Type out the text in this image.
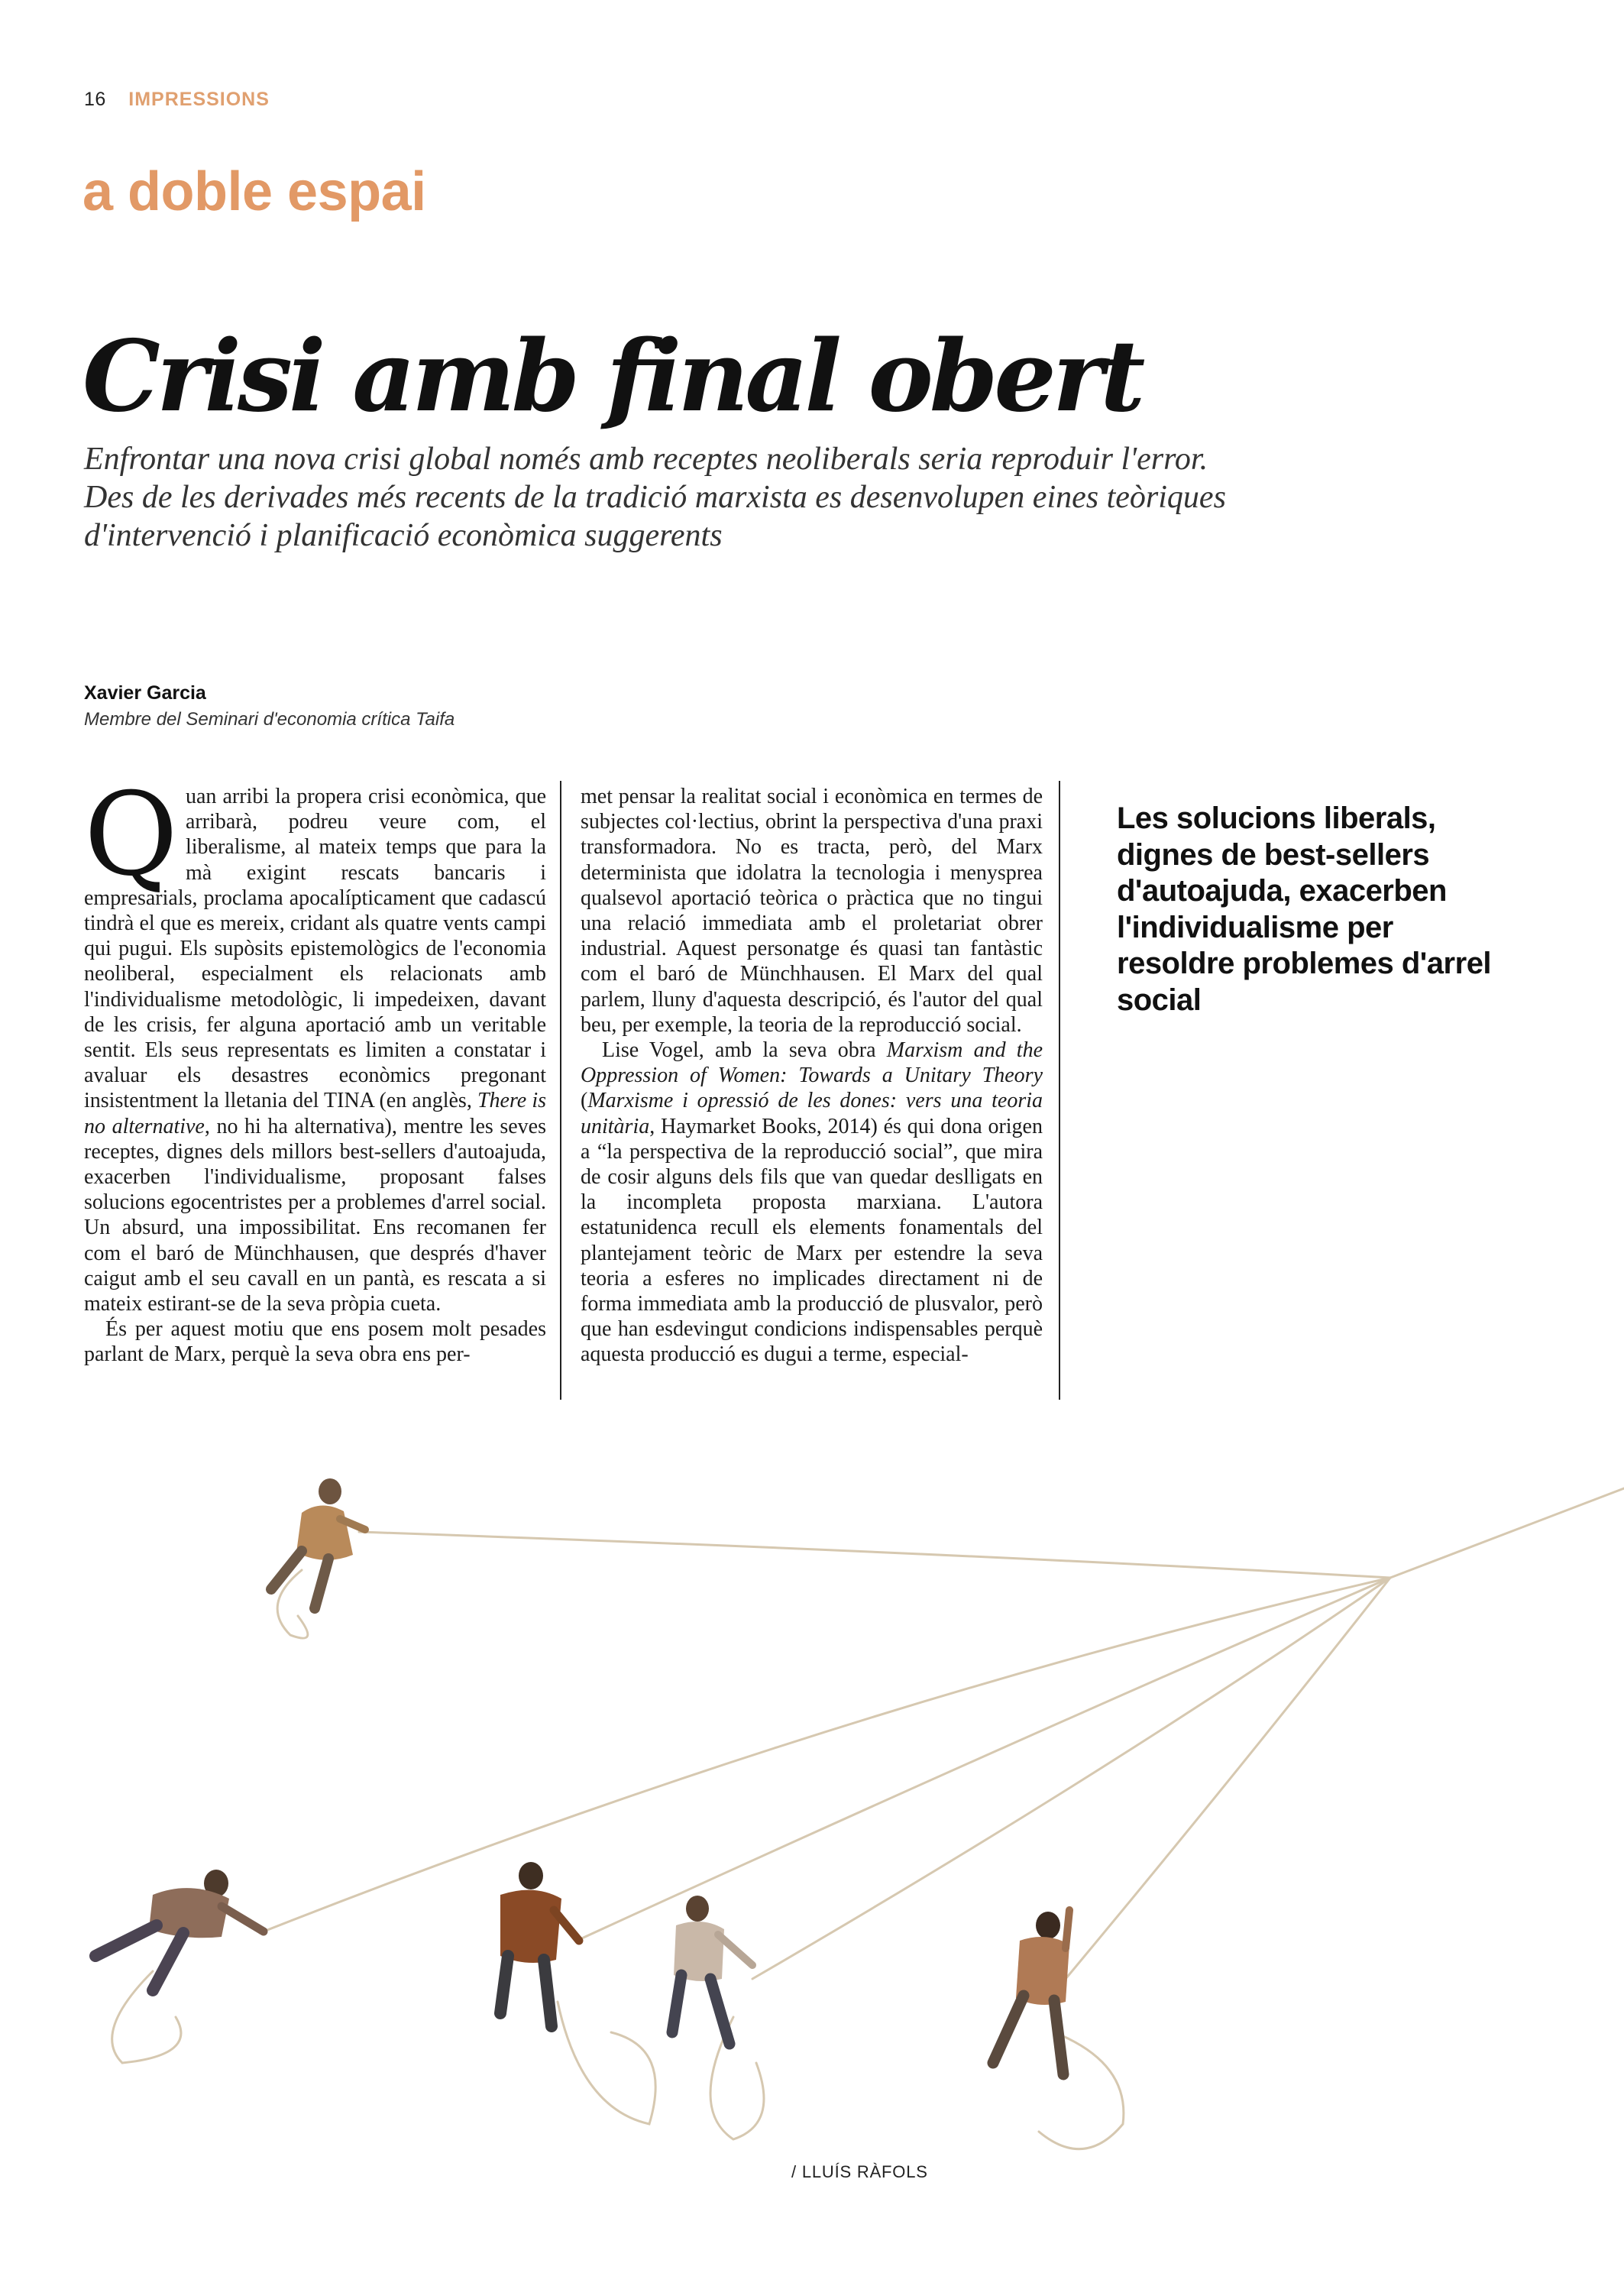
16 IMPRESSIONS
a doble espai
Crisi amb final obert
Enfrontar una nova crisi global només amb receptes neoliberals seria reproduir l'error. Des de les derivades més recents de la tradició marxista es desenvolupen eines teòriques d'intervenció i planificació econòmica suggerents
Xavier Garcia
Membre del Seminari d'economia crítica Taifa

Quan arribi la propera crisi econòmica, que arribarà, podreu veure com, el liberalisme, al mateix temps que para la mà exigint rescats bancaris i empresarials, proclama apocalípticament que cadascú tindrà el que es mereix, cridant als quatre vents campi qui pugui. Els supòsits epistemològics de l'economia neoliberal, especialment els relacionats amb l'individualisme metodològic, li impedeixen, davant de les crisis, fer alguna aportació amb un veritable sentit. Els seus representats es limiten a constatar i avaluar els desastres econòmics pregonant insistentment la lletania del TINA (en anglès, There is no alternative, no hi ha alternativa), mentre les seves receptes, dignes dels millors best-sellers d'autoajuda, exacerben l'individualisme, proposant falses solucions egocentristes per a problemes d'arrel social. Un absurd, una impossibilitat. Ens recomanen fer com el baró de Münchhausen, que després d'haver caigut amb el seu cavall en un pantà, es rescata a si mateix estirant-se de la seva pròpia cueta.

És per aquest motiu que ens posem molt pesades parlant de Marx, perquè la seva obra ens per-

met pensar la realitat social i econòmica en termes de subjectes col·lectius, obrint la perspectiva d'una praxi transformadora. No es tracta, però, del Marx determinista que idolatra la tecnologia i menysprea qualsevol aportació teòrica o pràctica que no tingui una relació immediata amb el proletariat obrer industrial. Aquest personatge és quasi tan fantàstic com el baró de Münchhausen. El Marx del qual parlem, lluny d'aquesta descripció, és l'autor del qual beu, per exemple, la teoria de la reproducció social.

Lise Vogel, amb la seva obra Marxism and the Oppression of Women: Towards a Unitary Theory (Marxisme i opressió de les dones: vers una teoria unitària, Haymarket Books, 2014) és qui dona origen a “la perspectiva de la reproducció social”, que mira de cosir alguns dels fils que van quedar deslligats en la incompleta proposta marxiana. L'autora estatunidenca recull els elements fonamentals del plantejament teòric de Marx per estendre la seva teoria a esferes no implicades directament ni de forma immediata amb la producció de plusvalor, però que han esdevingut condicions indispensables perquè aquesta producció es dugui a terme, especial-

Les solucions liberals, dignes de best-sellers d'autoajuda, exacerben l'individualisme per resoldre problemes d'arrel social
/ LLUÍS RÀFOLS
